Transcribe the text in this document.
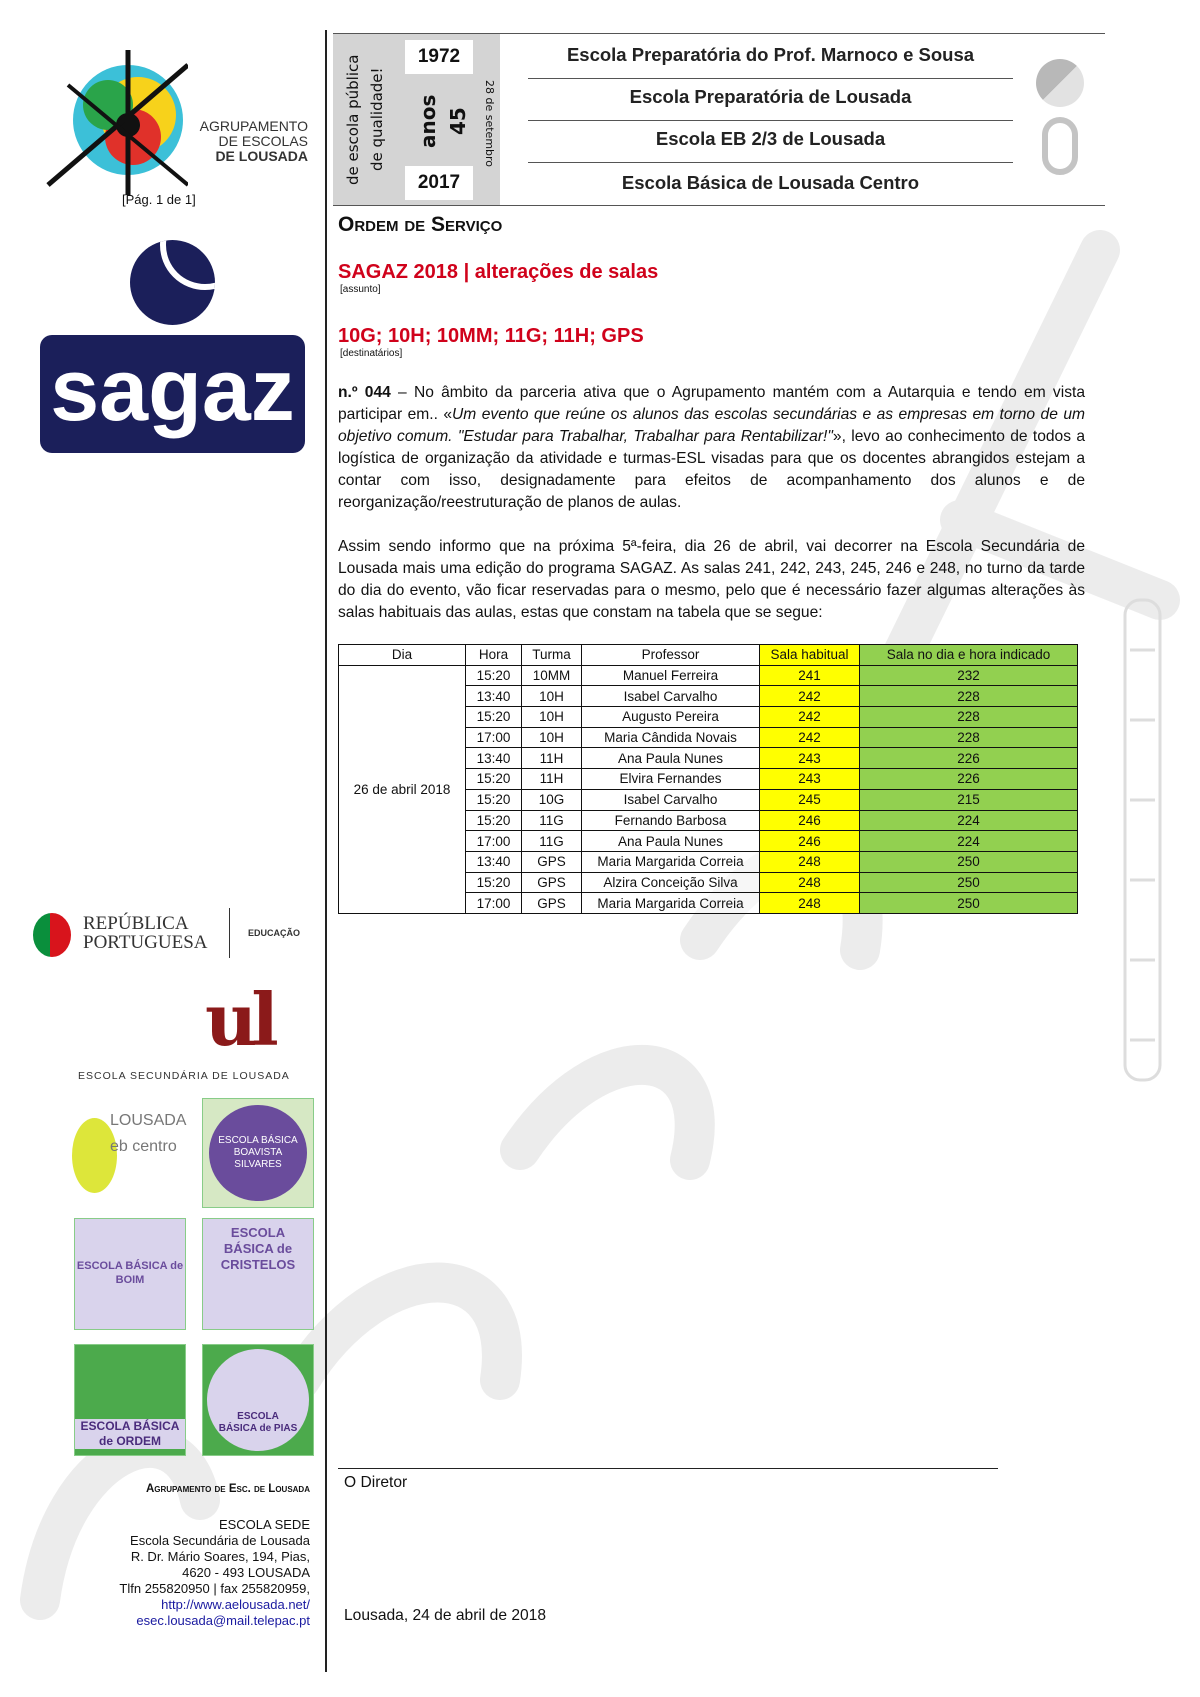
AGRUPAMENTO
DE ESCOLAS
DE LOUSADA
[Pág. 1 de 1]
sagaz
REPÚBLICA
PORTUGUESA	EDUCAÇÃO
ul
ESCOLA SECUNDÁRIA DE LOUSADA
LOUSADA eb centro	ESCOLA BÁSICA BOAVISTA SILVARES
ESCOLA BÁSICA de BOIM
ESCOLA BÁSICA de CRISTELOS
ESCOLA BÁSICA de ORDEM
ESCOLA BÁSICA de PIAS
Agrupamento de Esc. de Lousada
ESCOLA SEDE
Escola Secundária de Lousada
R. Dr. Mário Soares, 194, Pias,
4620 - 493 LOUSADA
Tlfn 255820950 | fax 255820959,
http://www.aelousada.net/
esec.lousada@mail.telepac.pt
de escola pública de qualidade!
1972
2017
45
anos	28 de setembro
Escola Preparatória do Prof. Marnoco e Sousa
Escola Preparatória de Lousada
Escola EB 2/3 de Lousada
Escola Básica de Lousada Centro
Ordem de Serviço
SAGAZ 2018 | alterações de salas
[assunto]
10G; 10H; 10MM; 11G; 11H; GPS
[destinatários]

n.º 044 – No âmbito da parceria ativa que o Agrupamento mantém com a Autarquia e tendo em vista participar em.. «Um evento que reúne os alunos das escolas secundárias e as empresas em torno de um objetivo comum. "Estudar para Trabalhar, Trabalhar para Rentabilizar!"», levo ao conhecimento de todos a logística de organização da atividade e turmas-ESL visadas para que os docentes abrangidos estejam a contar com isso, designadamente para efeitos de acompanhamento dos alunos e de reorganização/reestruturação de planos de aulas.

Assim sendo informo que na próxima 5ª-feira, dia 26 de abril, vai decorrer na Escola Secundária de Lousada mais uma edição do programa SAGAZ. As salas 241, 242, 243, 245, 246 e 248, no turno da tarde do dia do evento, vão ficar reservadas para o mesmo, pelo que é necessário fazer algumas alterações às salas habituais das aulas, estas que constam na tabela que se segue:

Dia	Hora	Turma	Professor	Sala habitual	Sala no dia e hora indicado
26 de abril 2018	15:20	10MM	Manuel Ferreira	241	232
	13:40	10H	Isabel Carvalho	242	228
	15:20	10H	Augusto Pereira	242	228
	17:00	10H	Maria Cândida Novais	242	228
	13:40	11H	Ana Paula Nunes	243	226
	15:20	11H	Elvira Fernandes	243	226
	15:20	10G	Isabel Carvalho	245	215
	15:20	11G	Fernando Barbosa	246	224
	17:00	11G	Ana Paula Nunes	246	224
	13:40	GPS	Maria Margarida Correia	248	250
	15:20	GPS	Alzira Conceição Silva	248	250
	17:00	GPS	Maria Margarida Correia	248	250
O Diretor
Lousada, 24 de abril de 2018
